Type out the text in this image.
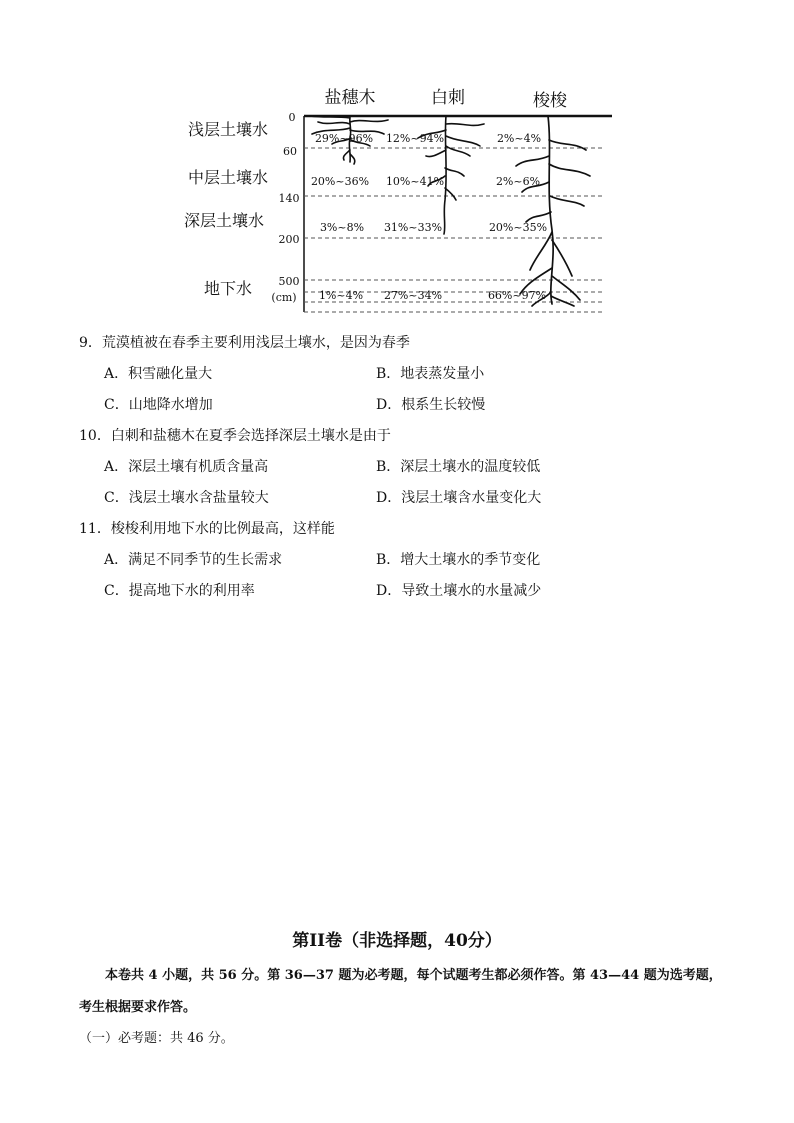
盐穗木	白刺	梭梭
浅层土壤水
中层土壤水
深层土壤水
地下水
0
60
140
200
500
(cm)
29%~96% 12%~94%	2%~4%
20%~36% 10%~41%	2%~6%
3%~8% 31%~33%	20%~35%
1%~4% 27%~34%	66%~97%
9．荒漠植被在春季主要利用浅层土壤水，是因为春季
A．积雪融化量大	B．地表蒸发量小
C．山地降水增加	D．根系生长较慢
10．白刺和盐穗木在夏季会选择深层土壤水是由于
A．深层土壤有机质含量高	B．深层土壤水的温度较低
C．浅层土壤水含盐量较大	D．浅层土壤含水量变化大
11．梭梭利用地下水的比例最高，这样能
A．满足不同季节的生长需求	B．增大土壤水的季节变化
C．提高地下水的利用率	D．导致土壤水的水量减少
第II卷（非选择题，40分）
本卷共 4 小题，共 56 分。第 36—37 题为必考题，每个试题考生都必须作答。第 43—44 题为选考题，
考生根据要求作答。
（一）必考题：共 46 分。
